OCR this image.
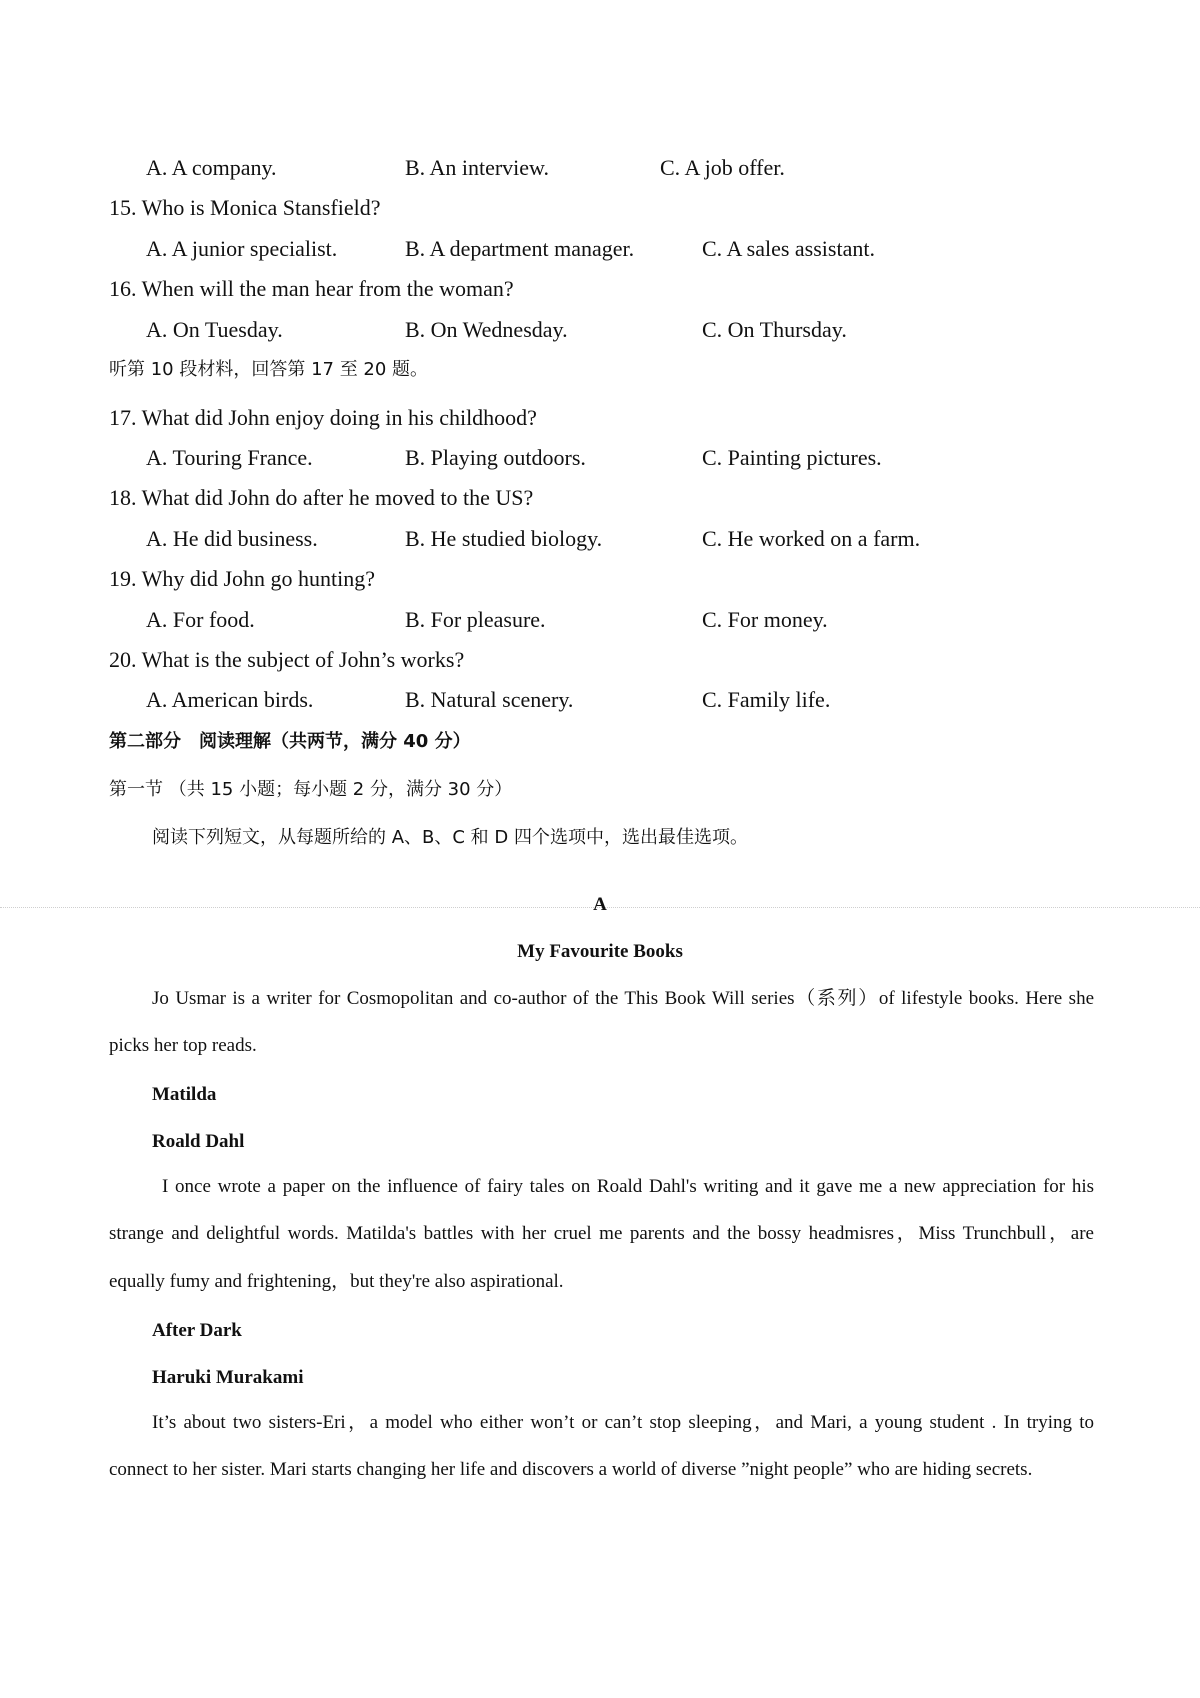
A. A company.	B. An interview.	C. A job offer.
15. Who is Monica Stansfield?
A. A junior specialist.	B. A department manager.	C. A sales assistant.
16. When will the man hear from the woman?
A. On Tuesday.	B. On Wednesday.	C. On Thursday.
听第 10 段材料，回答第 17 至 20 题。
17. What did John enjoy doing in his childhood?
A. Touring France.	B. Playing outdoors.	C. Painting pictures.
18. What did John do after he moved to the US?
A. He did business.	B. He studied biology.	C. He worked on a farm.
19. Why did John go hunting?
A. For food.	B. For pleasure.	C. For money.
20. What is the subject of John’s works?
A. American birds.	B. Natural scenery.	C. Family life.
第二部分　阅读理解（共两节，满分 40 分）
第一节 （共 15 小题；每小题 2 分，满分 30 分）
阅读下列短文，从每题所给的 A、B、C 和 D 四个选项中，选出最佳选项。
A
My Favourite Books
Jo Usmar is a writer for Cosmopolitan and co-author of the This Book Will series（系列）of lifestyle books. Here she picks her top reads.
Matilda
Roald Dahl
I once wrote a paper on the influence of fairy tales on Roald Dahl's writing and it gave me a new appreciation for his strange and delightful words. Matilda's battles with her cruel me parents and the bossy headmisres，Miss Trunchbull，are equally fumy and frightening，but they're also aspirational.
After Dark
Haruki Murakami
It’s about two sisters-Eri，a model who either won’t or can’t stop sleeping，and Mari, a young student . In trying to connect to her sister. Mari starts changing her life and discovers a world of diverse ”night people” who are hiding secrets.
